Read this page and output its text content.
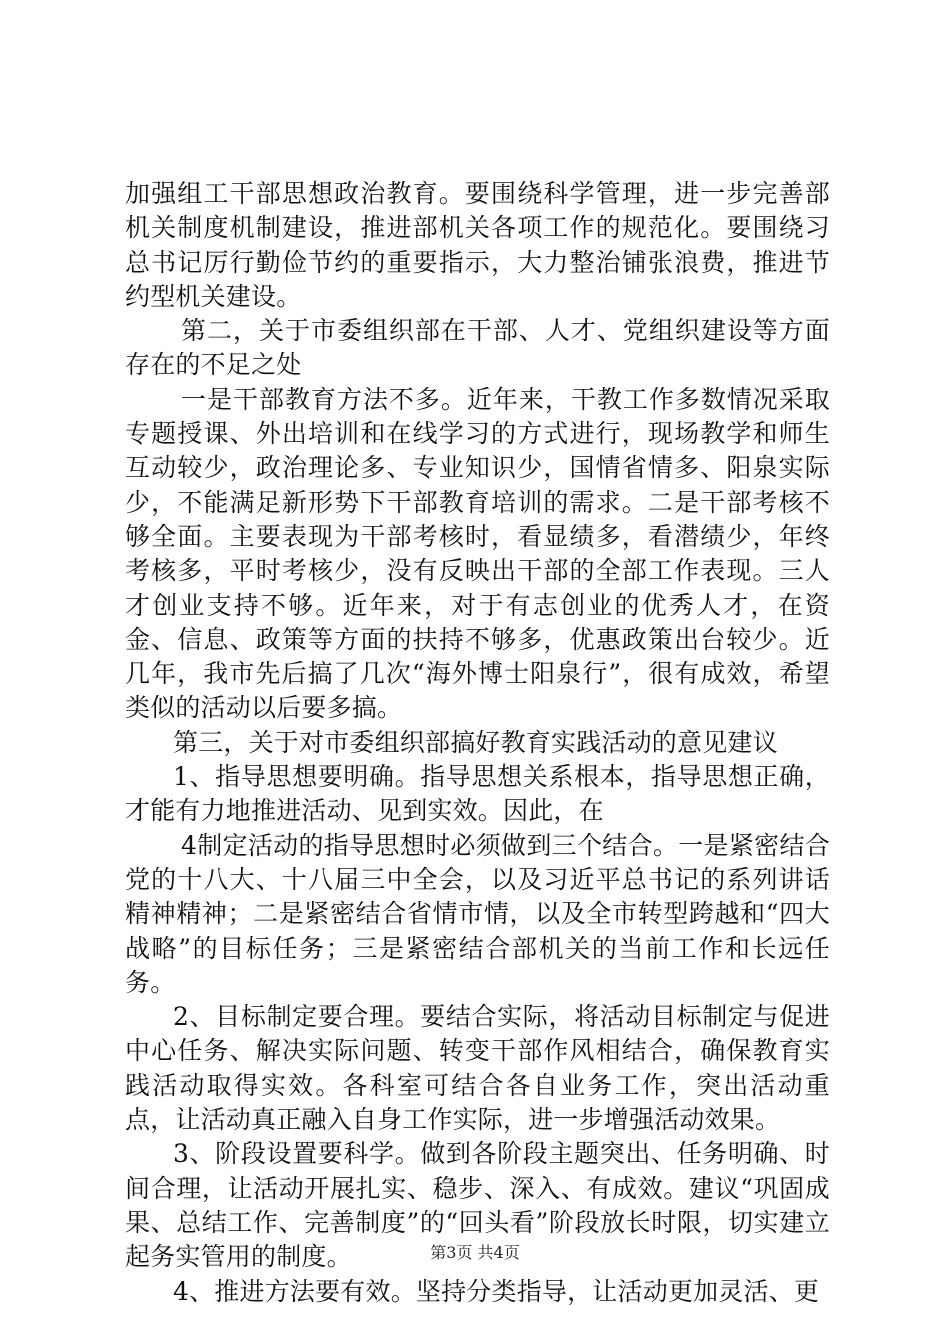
加强组工干部思想政治教育。要围绕科学管理，进一步完善部机关制度机制建设，推进部机关各项工作的规范化。要围绕习总书记厉行勤俭节约的重要指示，大力整治铺张浪费，推进节约型机关建设。

第二，关于市委组织部在干部、人才、党组织建设等方面存在的不足之处

一是干部教育方法不多。近年来，干教工作多数情况采取专题授课、外出培训和在线学习的方式进行，现场教学和师生互动较少，政治理论多、专业知识少，国情省情多、阳泉实际少，不能满足新形势下干部教育培训的需求。二是干部考核不够全面。主要表现为干部考核时，看显绩多，看潜绩少，年终考核多，平时考核少，没有反映出干部的全部工作表现。三人才创业支持不够。近年来，对于有志创业的优秀人才，在资金、信息、政策等方面的扶持不够多，优惠政策出台较少。近几年，我市先后搞了几次“海外博士阳泉行”，很有成效，希望类似的活动以后要多搞。

第三，关于对市委组织部搞好教育实践活动的意见建议

1、指导思想要明确。指导思想关系根本，指导思想正确，才能有力地推进活动、见到实效。因此，在

4制定活动的指导思想时必须做到三个结合。一是紧密结合党的十八大、十八届三中全会，以及习近平总书记的系列讲话精神精神；二是紧密结合省情市情，以及全市转型跨越和“四大战略”的目标任务；三是紧密结合部机关的当前工作和长远任务。

2、目标制定要合理。要结合实际，将活动目标制定与促进中心任务、解决实际问题、转变干部作风相结合，确保教育实践活动取得实效。各科室可结合各自业务工作，突出活动重点，让活动真正融入自身工作实际，进一步增强活动效果。

3、阶段设置要科学。做到各阶段主题突出、任务明确、时间合理，让活动开展扎实、稳步、深入、有成效。建议“巩固成果、总结工作、完善制度”的“回头看”阶段放长时限，切实建立起务实管用的制度。

4、推进方法要有效。坚持分类指导，让活动更加灵活、更

第3页 共4页
